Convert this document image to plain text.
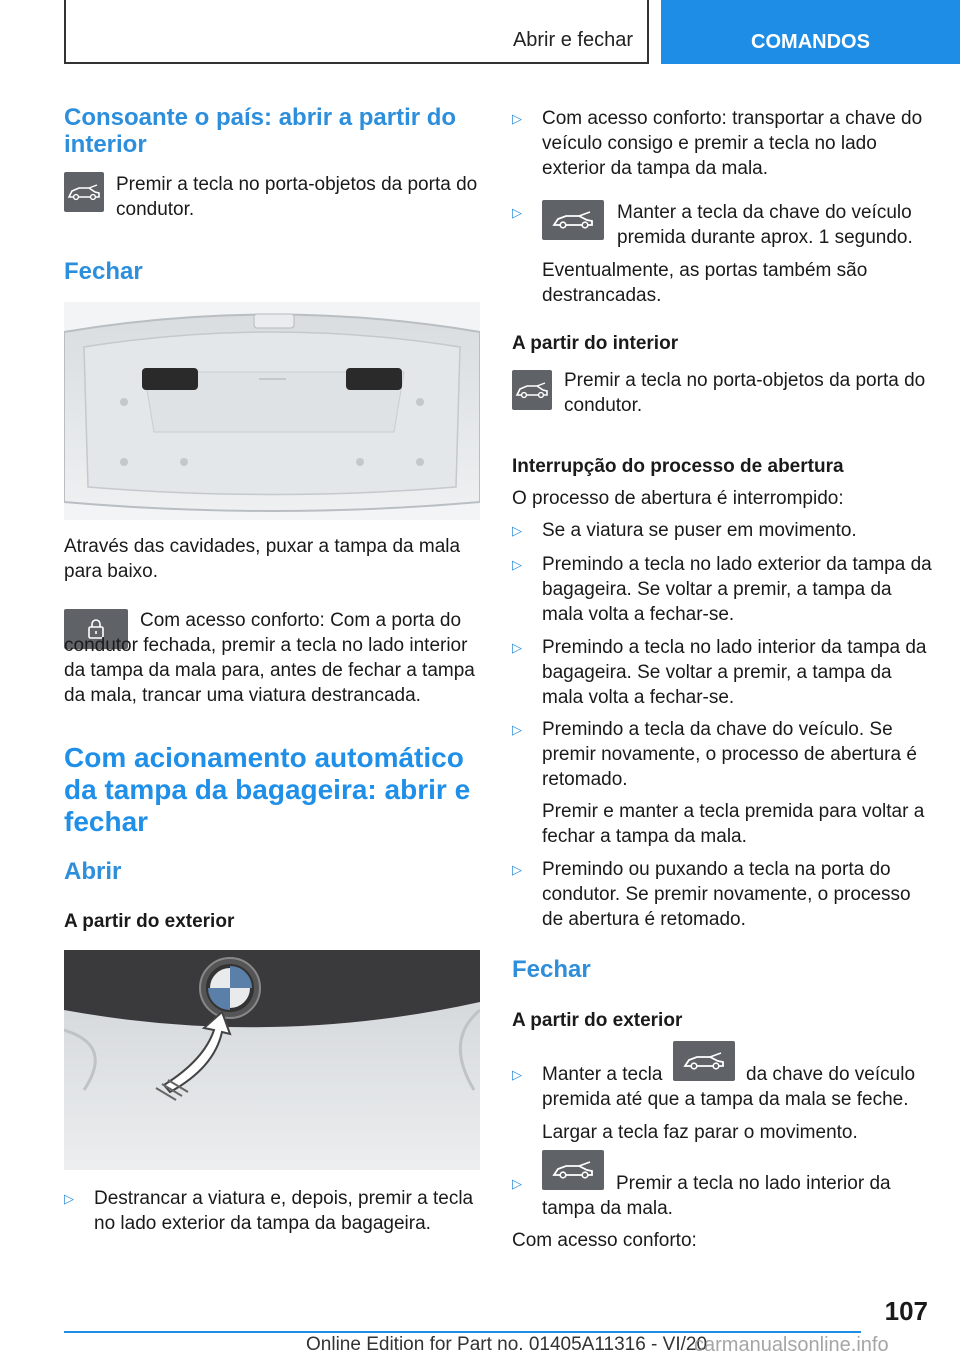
Abrir e fechar	COMANDOS
Consoante o país: abrir a partir do interior
Premir a tecla no porta-objetos da porta do condutor.
Fechar
Através das cavidades, puxar a tampa da mala para baixo.
Com acesso conforto: Com a porta do condutor fechada, premir a tecla no lado interior da tampa da mala para, antes de fechar a tampa da mala, trancar uma viatura destrancada.
Com acionamento automático da tampa da bagageira: abrir e fechar
Abrir
A partir do exterior
▷ Destrancar a viatura e, depois, premir a tecla no lado exterior da tampa da bagageira.
▷ Com acesso conforto: transportar a chave do veículo consigo e premir a tecla no lado exterior da tampa da mala.
▷	Manter a tecla da chave do veículo premida durante aprox. 1 segundo.
Eventualmente, as portas também são destrancadas.
A partir do interior
Premir a tecla no porta-objetos da porta do condutor.
Interrupção do processo de abertura
O processo de abertura é interrompido:
▷ Se a viatura se puser em movimento.
▷ Premindo a tecla no lado exterior da tampa da bagageira. Se voltar a premir, a tampa da mala volta a fechar-se.
▷ Premindo a tecla no lado interior da tampa da bagageira. Se voltar a premir, a tampa da mala volta a fechar-se.
▷ Premindo a tecla da chave do veículo. Se premir novamente, o processo de abertura é retomado.
Premir e manter a tecla premida para voltar a fechar a tampa da mala.
▷ Premindo ou puxando a tecla na porta do condutor. Se premir novamente, o processo de abertura é retomado.
Fechar
A partir do exterior
▷ Manter a tecla	da chave do veículo premida até que a tampa da mala se feche.
Largar a tecla faz parar o movimento.
▷	Premir a tecla no lado interior da tampa da mala.
Com acesso conforto:
107
Online Edition for Part no. 01405A11316 - VI/20
carmanualsonline.info
